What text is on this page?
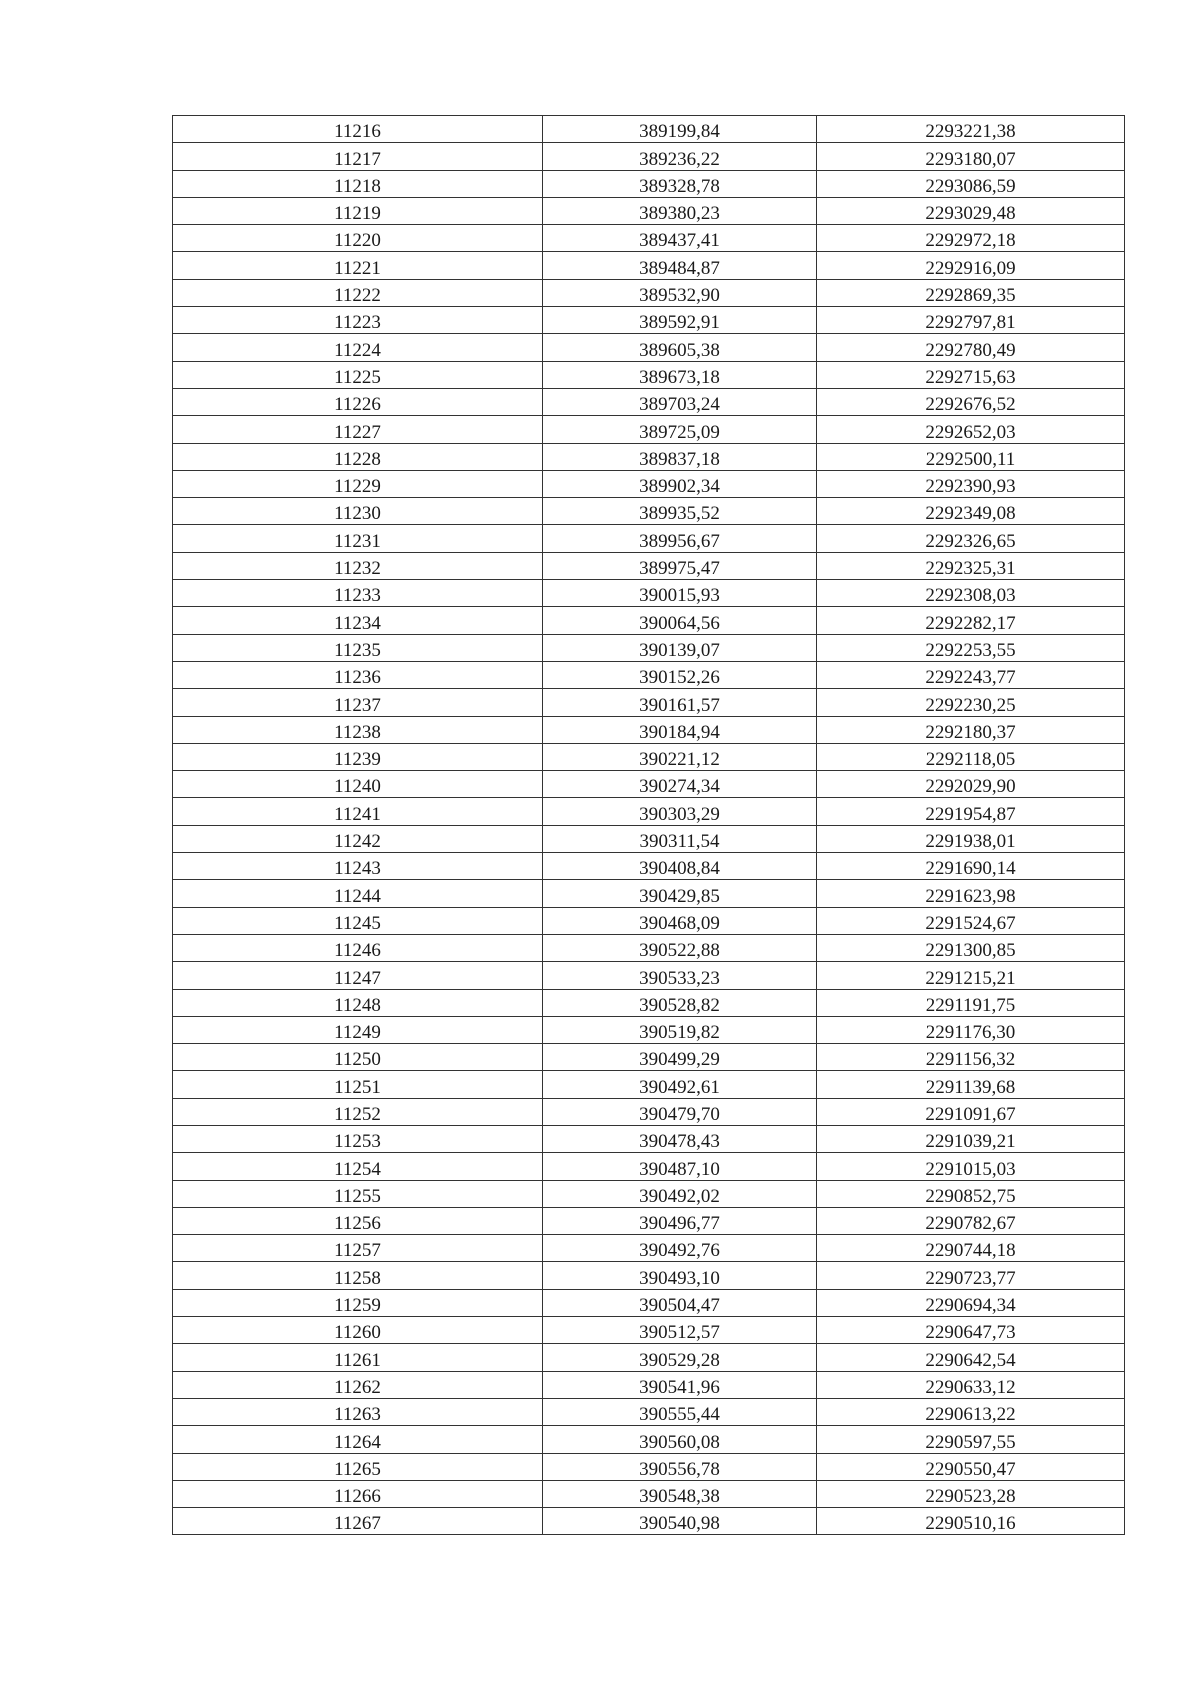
11216	389199,84	2293221,38
11217	389236,22	2293180,07
11218	389328,78	2293086,59
11219	389380,23	2293029,48
11220	389437,41	2292972,18
11221	389484,87	2292916,09
11222	389532,90	2292869,35
11223	389592,91	2292797,81
11224	389605,38	2292780,49
11225	389673,18	2292715,63
11226	389703,24	2292676,52
11227	389725,09	2292652,03
11228	389837,18	2292500,11
11229	389902,34	2292390,93
11230	389935,52	2292349,08
11231	389956,67	2292326,65
11232	389975,47	2292325,31
11233	390015,93	2292308,03
11234	390064,56	2292282,17
11235	390139,07	2292253,55
11236	390152,26	2292243,77
11237	390161,57	2292230,25
11238	390184,94	2292180,37
11239	390221,12	2292118,05
11240	390274,34	2292029,90
11241	390303,29	2291954,87
11242	390311,54	2291938,01
11243	390408,84	2291690,14
11244	390429,85	2291623,98
11245	390468,09	2291524,67
11246	390522,88	2291300,85
11247	390533,23	2291215,21
11248	390528,82	2291191,75
11249	390519,82	2291176,30
11250	390499,29	2291156,32
11251	390492,61	2291139,68
11252	390479,70	2291091,67
11253	390478,43	2291039,21
11254	390487,10	2291015,03
11255	390492,02	2290852,75
11256	390496,77	2290782,67
11257	390492,76	2290744,18
11258	390493,10	2290723,77
11259	390504,47	2290694,34
11260	390512,57	2290647,73
11261	390529,28	2290642,54
11262	390541,96	2290633,12
11263	390555,44	2290613,22
11264	390560,08	2290597,55
11265	390556,78	2290550,47
11266	390548,38	2290523,28
11267	390540,98	2290510,16
